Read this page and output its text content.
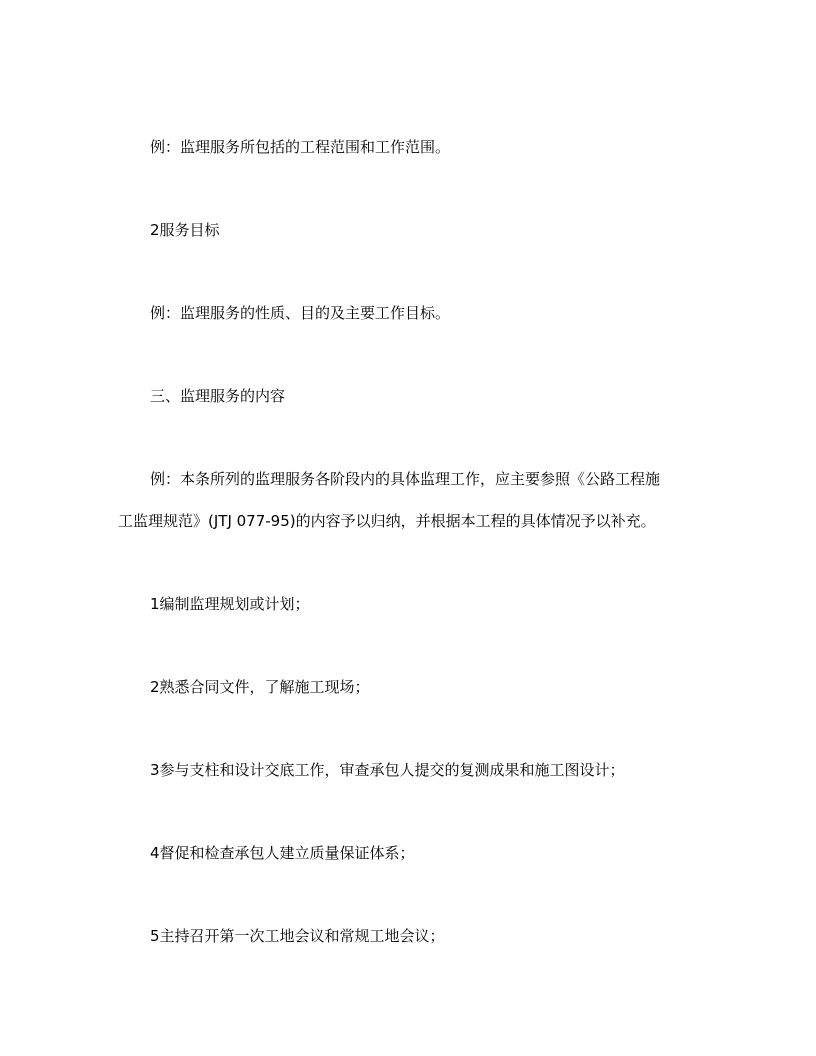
例：监理服务所包括的工程范围和工作范围。
2服务目标
例：监理服务的性质、目的及主要工作目标。
三、监理服务的内容
例：本条所列的监理服务各阶段内的具体监理工作，应主要参照《公路工程施
工监理规范》(JTJ 077-95)的内容予以归纳，并根据本工程的具体情况予以补充。
1编制监理规划或计划；
2熟悉合同文件，了解施工现场；
3参与支柱和设计交底工作，审查承包人提交的复测成果和施工图设计；
4督促和检查承包人建立质量保证体系；
5主持召开第一次工地会议和常规工地会议；
